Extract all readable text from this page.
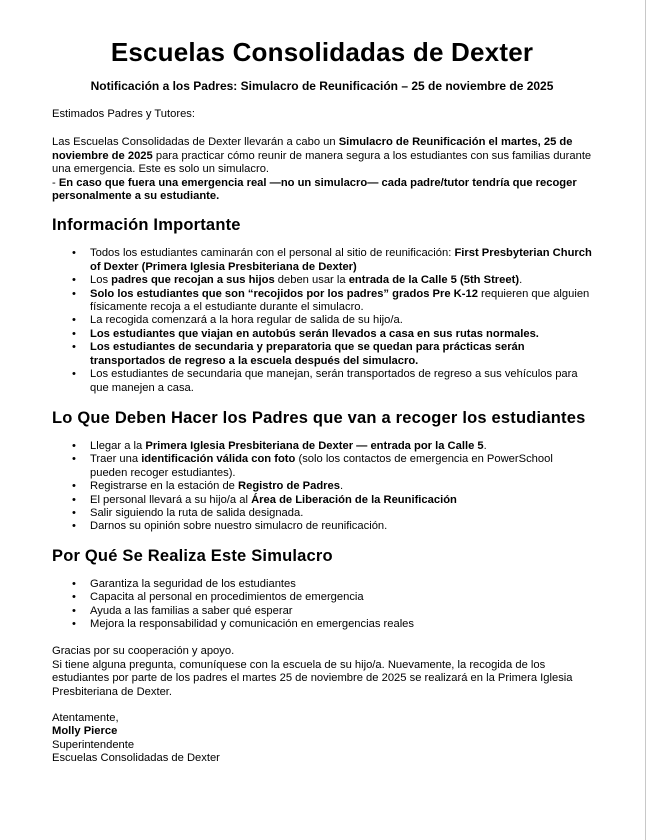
Escuelas Consolidadas de Dexter
Notificación a los Padres: Simulacro de Reunificación – 25 de noviembre de 2025

Estimados Padres y Tutores:

Las Escuelas Consolidadas de Dexter llevarán a cabo un Simulacro de Reunificación el martes, 25 de noviembre de 2025 para practicar cómo reunir de manera segura a los estudiantes con sus familias durante una emergencia. Este es solo un simulacro.
- En caso que fuera una emergencia real —no un simulacro— cada padre/tutor tendría que recoger personalmente a su estudiante.

Información Importante
• Todos los estudiantes caminarán con el personal al sitio de reunificación: First Presbyterian Church of Dexter (Primera Iglesia Presbiteriana de Dexter)
• Los padres que recojan a sus hijos deben usar la entrada de la Calle 5 (5th Street).
• Solo los estudiantes que son “recojidos por los padres” grados Pre K-12 requieren que alguien físicamente recoja a el estudiante durante el simulacro.
• La recogida comenzará a la hora regular de salida de su hijo/a.
• Los estudiantes que viajan en autobús serán llevados a casa en sus rutas normales.
• Los estudiantes de secundaria y preparatoria que se quedan para prácticas serán transportados de regreso a la escuela después del simulacro.
• Los estudiantes de secundaria que manejan, serán transportados de regreso a sus vehículos para que manejen a casa.
Lo Que Deben Hacer los Padres que van a recoger los estudiantes
• Llegar a la Primera Iglesia Presbiteriana de Dexter — entrada por la Calle 5.
• Traer una identificación válida con foto (solo los contactos de emergencia en PowerSchool pueden recoger estudiantes).
• Registrarse en la estación de Registro de Padres.
• El personal llevará a su hijo/a al Área de Liberación de la Reunificación
• Salir siguiendo la ruta de salida designada.
• Darnos su opinión sobre nuestro simulacro de reunificación.
Por Qué Se Realiza Este Simulacro
• Garantiza la seguridad de los estudiantes
• Capacita al personal en procedimientos de emergencia
• Ayuda a las familias a saber qué esperar
• Mejora la responsabilidad y comunicación en emergencias reales

Gracias por su cooperación y apoyo.
Si tiene alguna pregunta, comuníquese con la escuela de su hijo/a. Nuevamente, la recogida de los estudiantes por parte de los padres el martes 25 de noviembre de 2025 se realizará en la Primera Iglesia Presbiteriana de Dexter.

Atentamente,
Molly Pierce
Superintendente
Escuelas Consolidadas de Dexter
